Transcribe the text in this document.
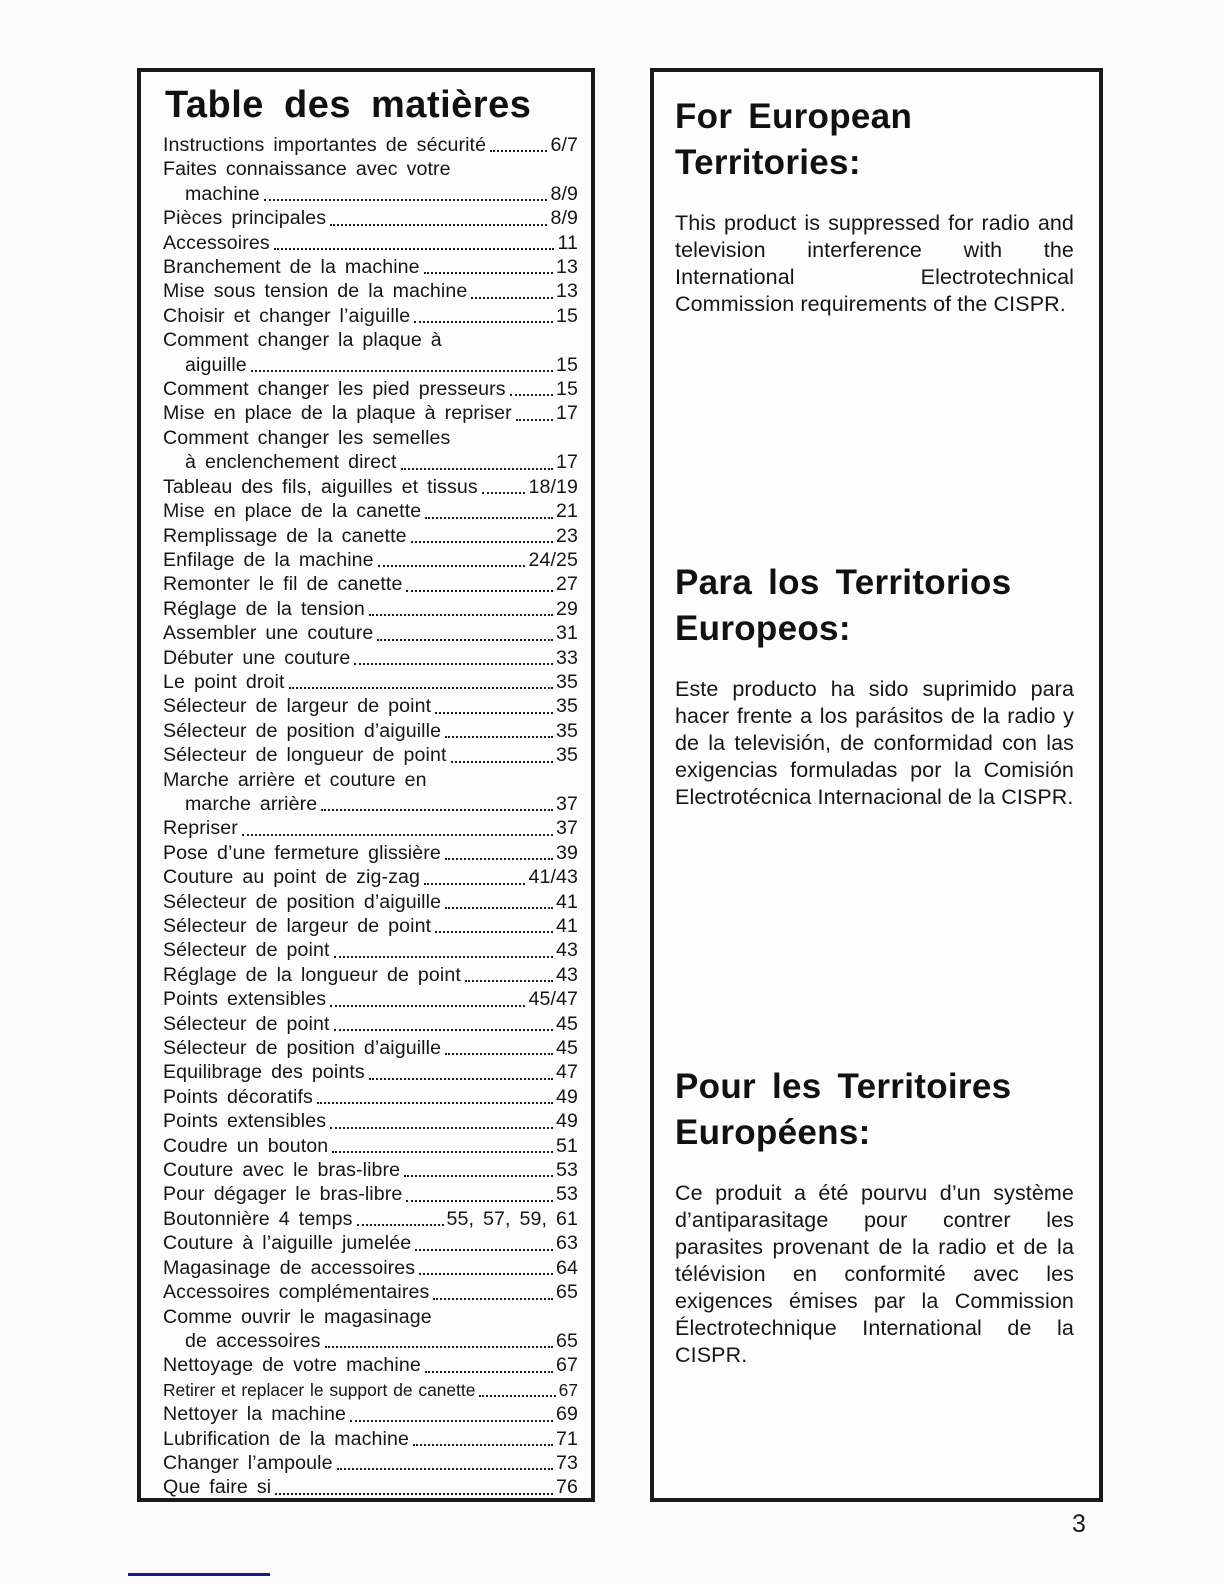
Table des matières
Instructions importantes de sécurité	6/7
Faites connaissance avec votre
machine	8/9
Pièces principales	8/9
Accessoires	11
Branchement de la machine	13
Mise sous tension de la machine	13
Choisir et changer l’aiguille	15
Comment changer la plaque à
aiguille	15
Comment changer les pied presseurs	15
Mise en place de la plaque à repriser 17
Comment changer les semelles
à enclenchement direct	17
Tableau des fils, aiguilles et tissus	18/19
Mise en place de la canette	21
Remplissage de la canette	23
Enfilage de la machine	24/25
Remonter le fil de canette	27
Réglage de la tension	29
Assembler une couture	31
Débuter une couture	33
Le point droit	35
Sélecteur de largeur de point	35
Sélecteur de position d’aiguille	35
Sélecteur de longueur de point	35
Marche arrière et couture en
marche arrière	37
Repriser	37
Pose d’une fermeture glissière	39
Couture au point de zig-zag	41/43
Sélecteur de position d’aiguille	41
Sélecteur de largeur de point	41
Sélecteur de point	43
Réglage de la longueur de point	43
Points extensibles	45/47
Sélecteur de point	45
Sélecteur de position d’aiguille	45
Equilibrage des points	47
Points décoratifs	49
Points extensibles	49
Coudre un bouton	51
Couture avec le bras-libre	53
Pour dégager le bras-libre	53
Boutonnière 4 temps	55, 57, 59, 61
Couture à l’aiguille jumelée	63
Magasinage de accessoires	64
Accessoires complémentaires	65
Comme ouvrir le magasinage
de accessoires	65
Nettoyage de votre machine	67
Retirer et replacer le support de canette	67
Nettoyer la machine	69
Lubrification de la machine	71
Changer l’ampoule	73
Que faire si	76
For European Territories:

This product is suppressed for radio and television interference with the International Electrotechnical Commission requirements of the CISPR.

Para los Territorios Europeos:

Este producto ha sido suprimido para hacer frente a los parásitos de la radio y de la televisión, de conformidad con las exigencias formuladas por la Comisión Electrotécnica Internacional de la CISPR.

Pour les Territoires Européens:

Ce produit a été pourvu d’un système d’antiparasitage pour contrer les parasites provenant de la radio et de la télévision en conformité avec les exigences émises par la Commission Électrotechnique International de la CISPR.

3
